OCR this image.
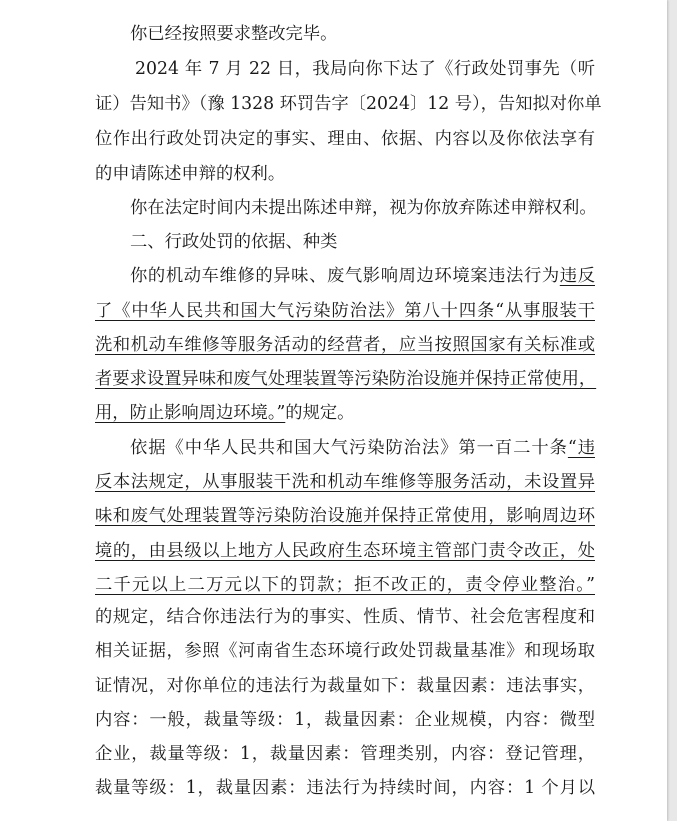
你已经按照要求整改完毕。
2024 年 7 月 22 日，我局向你下达了《行政处罚事先（听
证）告知书》（豫 1328 环罚告字〔2024〕12 号），告知拟对你单
位作出行政处罚决定的事实、理由、依据、内容以及你依法享有
的申请陈述申辩的权利。
你在法定时间内未提出陈述申辩，视为你放弃陈述申辩权利。
二、行政处罚的依据、种类
你的机动车维修的异味、废气影响周边环境案违法行为违反
了《中华人民共和国大气污染防治法》第八十四条“从事服装干
洗和机动车维修等服务活动的经营者，应当按照国家有关标准或
者要求设置异味和废气处理装置等污染防治设施并保持正常使用，
用，防止影响周边环境。”的规定。
依据《中华人民共和国大气污染防治法》第一百二十条“违
反本法规定，从事服装干洗和机动车维修等服务活动，未设置异
味和废气处理装置等污染防治设施并保持正常使用，影响周边环
境的，由县级以上地方人民政府生态环境主管部门责令改正，处
二千元以上二万元以下的罚款；拒不改正的，责令停业整治。”
的规定，结合你违法行为的事实、性质、情节、社会危害程度和
相关证据，参照《河南省生态环境行政处罚裁量基准》和现场取
证情况，对你单位的违法行为裁量如下：裁量因素：违法事实，
内容：一般，裁量等级：1，裁量因素：企业规模，内容：微型
企业，裁量等级：1，裁量因素：管理类别，内容：登记管理，
裁量等级：1，裁量因素：违法行为持续时间，内容：1 个月以
